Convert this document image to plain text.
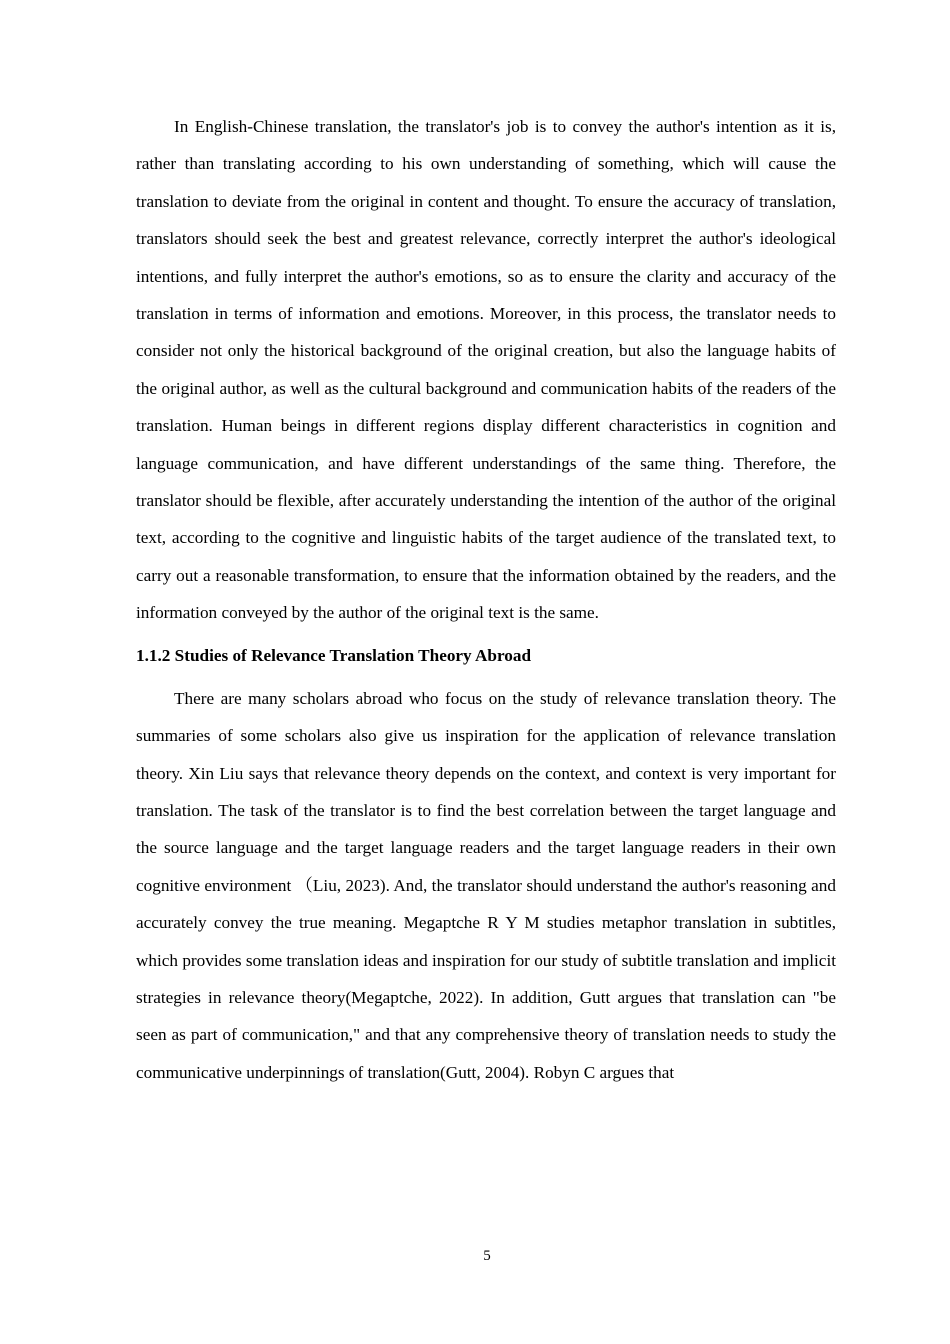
In English-Chinese translation, the translator's job is to convey the author's intention as it is, rather than translating according to his own understanding of something, which will cause the translation to deviate from the original in content and thought. To ensure the accuracy of translation, translators should seek the best and greatest relevance, correctly interpret the author's ideological intentions, and fully interpret the author's emotions, so as to ensure the clarity and accuracy of the translation in terms of information and emotions. Moreover, in this process, the translator needs to consider not only the historical background of the original creation, but also the language habits of the original author, as well as the cultural background and communication habits of the readers of the translation. Human beings in different regions display different characteristics in cognition and language communication, and have different understandings of the same thing. Therefore, the translator should be flexible, after accurately understanding the intention of the author of the original text, according to the cognitive and linguistic habits of the target audience of the translated text, to carry out a reasonable transformation, to ensure that the information obtained by the readers, and the information conveyed by the author of the original text is the same.

1.1.2 Studies of Relevance Translation Theory Abroad

There are many scholars abroad who focus on the study of relevance translation theory. The summaries of some scholars also give us inspiration for the application of relevance translation theory. Xin Liu says that relevance theory depends on the context, and context is very important for translation. The task of the translator is to find the best correlation between the target language and the source language and the target language readers and the target language readers in their own cognitive environment （Liu, 2023). And, the translator should understand the author's reasoning and accurately convey the true meaning. Megaptche R Y M studies metaphor translation in subtitles, which provides some translation ideas and inspiration for our study of subtitle translation and implicit strategies in relevance theory(Megaptche, 2022). In addition, Gutt argues that translation can "be seen as part of communication," and that any comprehensive theory of translation needs to study the communicative underpinnings of translation(Gutt, 2004). Robyn C argues that

5
